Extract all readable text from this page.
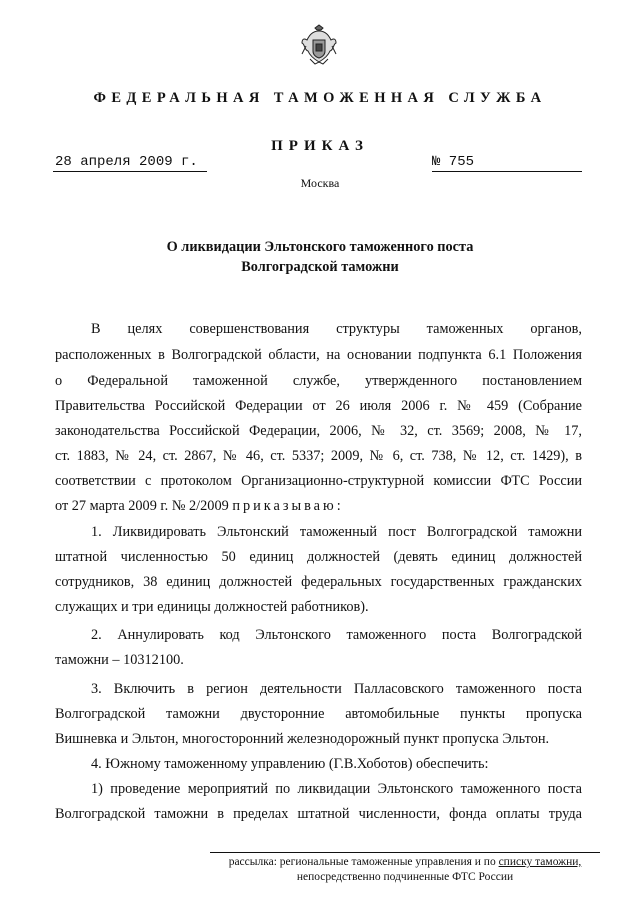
ФЕДЕРАЛЬНАЯ ТАМОЖЕННАЯ СЛУЖБА
ПРИКАЗ
28 апреля 2009 г.	№ 755
Москва
О ликвидации Эльтонского таможенного поста
Волгоградской таможни
В целях совершенствования структуры таможенных органов,
расположенных в Волгоградской области, на основании подпункта 6.1 Положения
о Федеральной таможенной службе, утвержденного постановлением
Правительства Российской Федерации от 26 июля 2006 г. № 459 (Собрание
законодательства Российской Федерации, 2006, № 32, ст. 3569; 2008, № 17,
ст. 1883, № 24, ст. 2867, № 46, ст. 5337; 2009, № 6, ст. 738, № 12, ст. 1429), в
соответствии с протоколом Организационно-структурной комиссии ФТС России
от 27 марта 2009 г. № 2/2009 приказываю:
1. Ликвидировать Эльтонский таможенный пост Волгоградской таможни
штатной численностью 50 единиц должностей (девять единиц должностей
сотрудников, 38 единиц должностей федеральных государственных гражданских
служащих и три единицы должностей работников).
2. Аннулировать код Эльтонского таможенного поста Волгоградской
таможни – 10312100.
3. Включить в регион деятельности Палласовского таможенного поста
Волгоградской таможни двусторонние автомобильные пункты пропуска
Вишневка и Эльтон, многосторонний железнодорожный пункт пропуска Эльтон.
4. Южному таможенному управлению (Г.В.Хоботов) обеспечить:
1) проведение мероприятий по ликвидации Эльтонского таможенного поста
Волгоградской таможни в пределах штатной численности, фонда оплаты труда
рассылка: региональные таможенные управления и по списку таможни,
непосредственно подчиненные ФТС России
